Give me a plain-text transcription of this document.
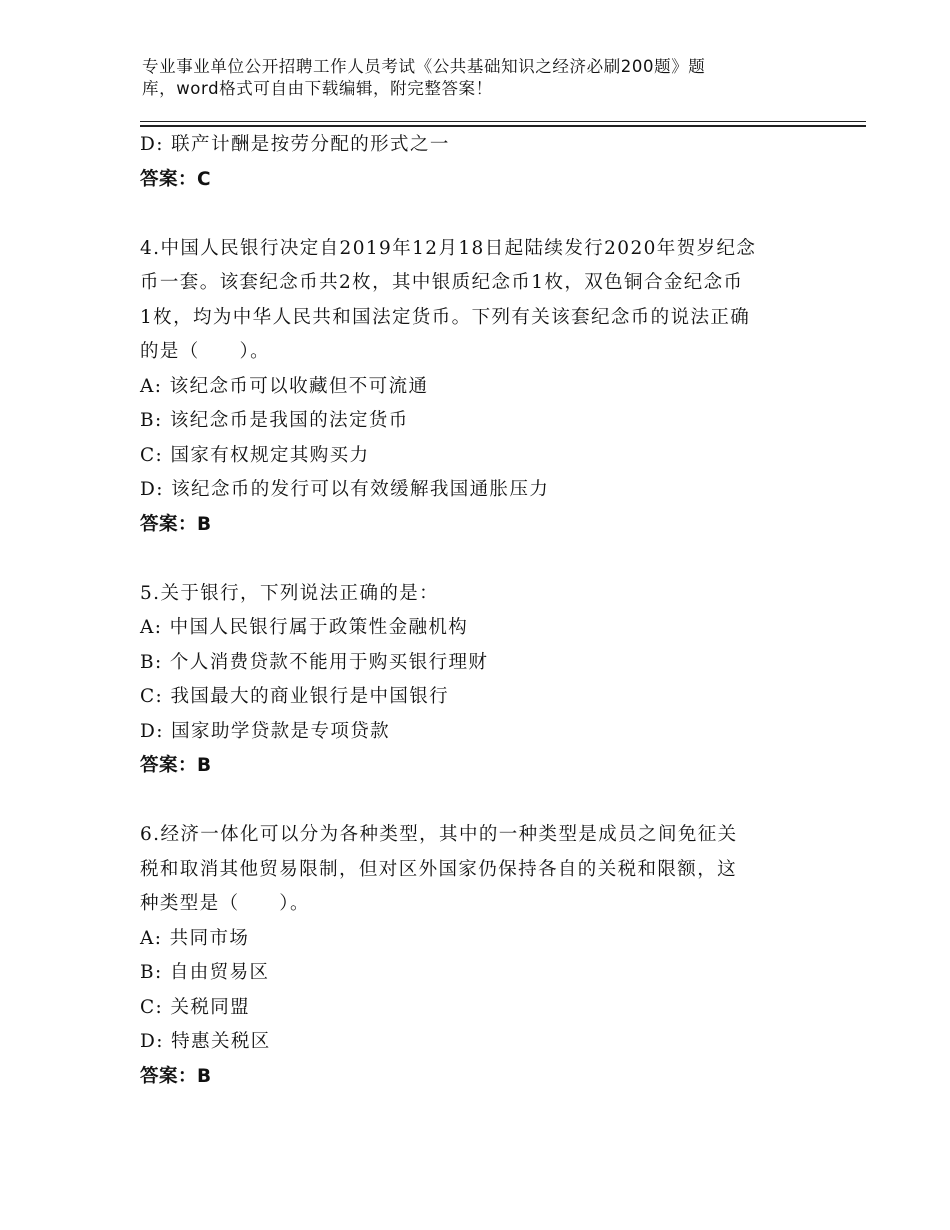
专业事业单位公开招聘工作人员考试《公共基础知识之经济必刷200题》题
库，word格式可自由下载编辑，附完整答案！
D: 联产计酬是按劳分配的形式之一
答案：C
4.中国人民银行决定自2019年12月18日起陆续发行2020年贺岁纪念
币一套。该套纪念币共2枚，其中银质纪念币1枚，双色铜合金纪念币
1枚，均为中华人民共和国法定货币。下列有关该套纪念币的说法正确
的是（　　）。
A: 该纪念币可以收藏但不可流通
B: 该纪念币是我国的法定货币
C: 国家有权规定其购买力
D: 该纪念币的发行可以有效缓解我国通胀压力
答案：B
5.关于银行，下列说法正确的是：
A: 中国人民银行属于政策性金融机构
B: 个人消费贷款不能用于购买银行理财
C: 我国最大的商业银行是中国银行
D: 国家助学贷款是专项贷款
答案：B
6.经济一体化可以分为各种类型，其中的一种类型是成员之间免征关
税和取消其他贸易限制，但对区外国家仍保持各自的关税和限额，这
种类型是（　　）。
A: 共同市场
B: 自由贸易区
C: 关税同盟
D: 特惠关税区
答案：B
